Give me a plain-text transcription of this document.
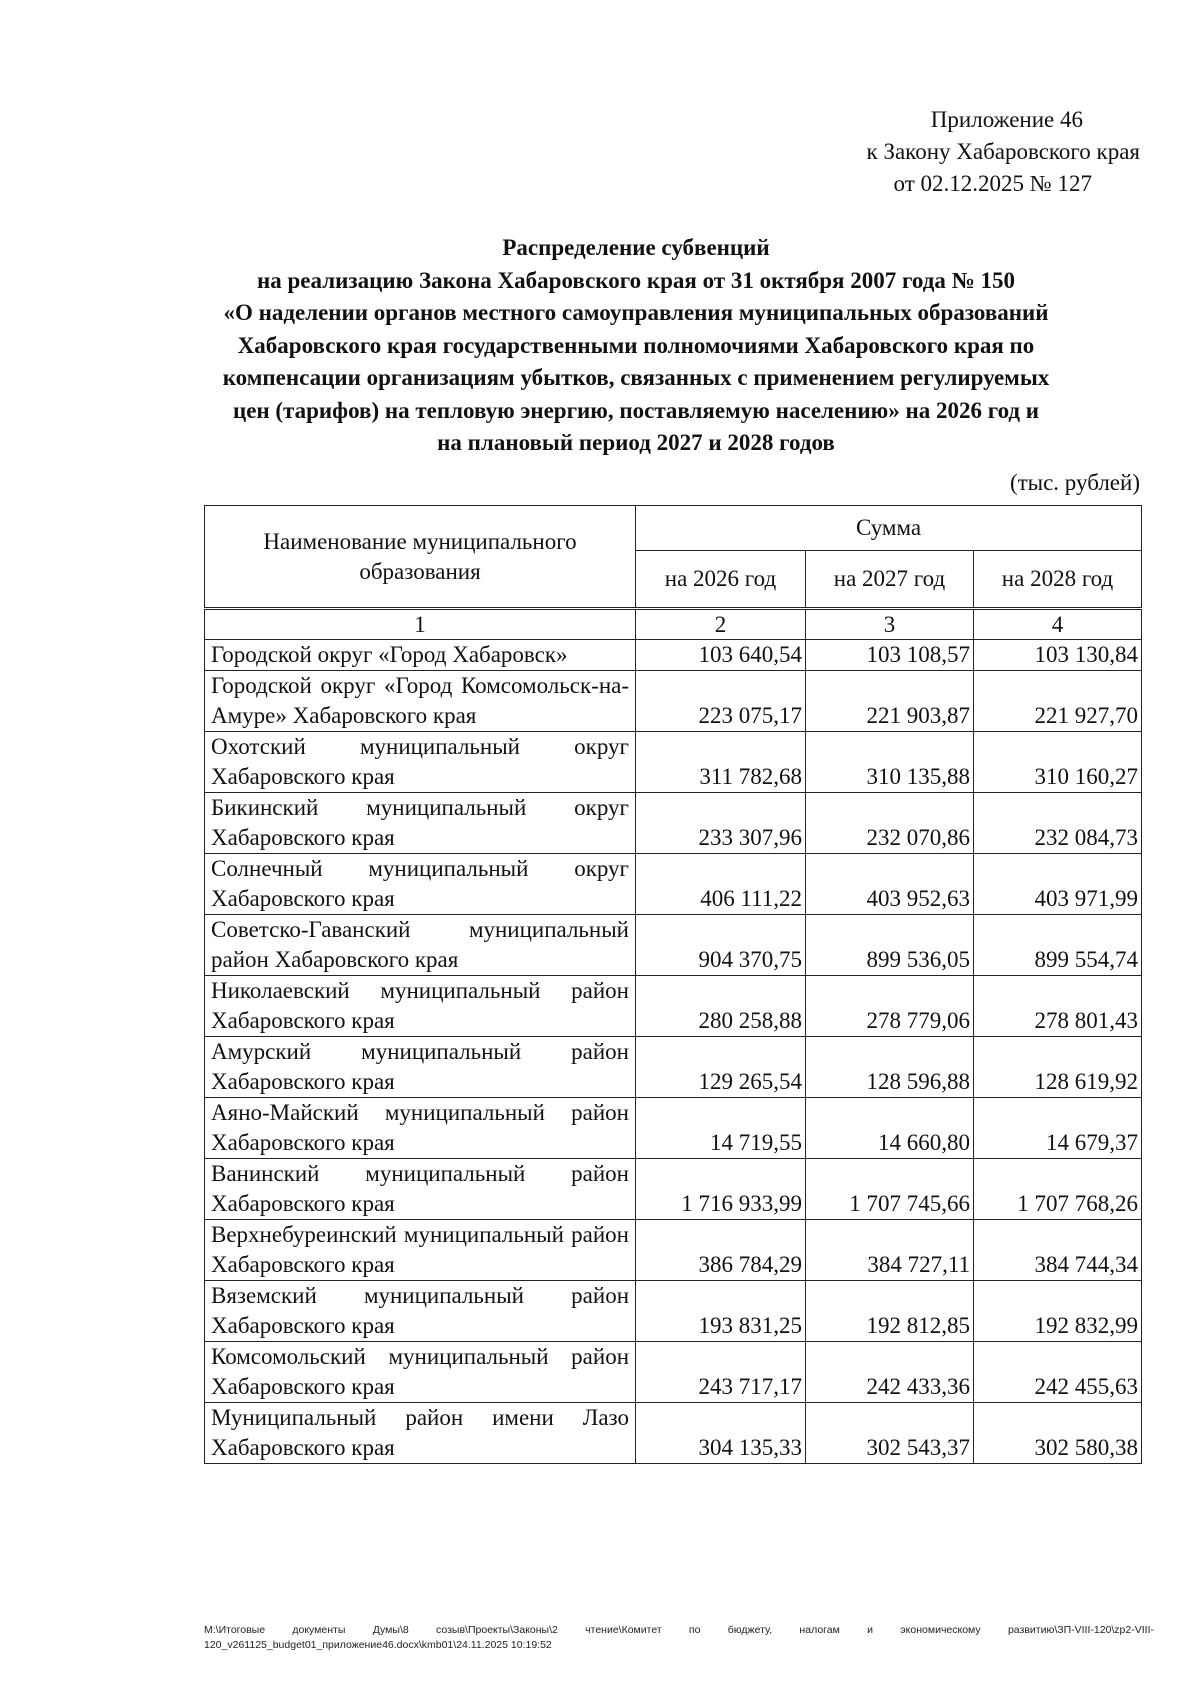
Приложение 46
к Закону Хабаровского края
от 02.12.2025 № 127
Распределение субвенций
на реализацию Закона Хабаровского края от 31 октября 2007 года № 150
«О наделении органов местного самоуправления муниципальных образований
Хабаровского края государственными полномочиями Хабаровского края по
компенсации организациям убытков, связанных с применением регулируемых
цен (тарифов) на тепловую энергию, поставляемую населению» на 2026 год и
на плановый период 2027 и 2028 годов
(тыс. рублей)
Наименование муниципального образования	Сумма		
	на 2026 год	на 2027 год	на 2028 год
1	2	3	4
Городской округ «Город Хабаровск»	103 640,54	103 108,57	103 130,84
Городской округ «Город Комсомольск-на-Амуре» Хабаровского края	223 075,17	221 903,87	221 927,70
Охотский муниципальный округ Хабаровского края	311 782,68	310 135,88	310 160,27
Бикинский муниципальный округ Хабаровского края	233 307,96	232 070,86	232 084,73
Солнечный муниципальный округ Хабаровского края	406 111,22	403 952,63	403 971,99
Советско-Гаванский муниципальный район Хабаровского края	904 370,75	899 536,05	899 554,74
Николаевский муниципальный район Хабаровского края	280 258,88	278 779,06	278 801,43
Амурский муниципальный район Хабаровского края	129 265,54	128 596,88	128 619,92
Аяно-Майский муниципальный район Хабаровского края	14 719,55	14 660,80	14 679,37
Ванинский муниципальный район Хабаровского края	1 716 933,99	1 707 745,66	1 707 768,26
Верхнебуреинский муниципальный район Хабаровского края	386 784,29	384 727,11	384 744,34
Вяземский муниципальный район Хабаровского края	193 831,25	192 812,85	192 832,99
Комсомольский муниципальный район Хабаровского края	243 717,17	242 433,36	242 455,63
Муниципальный район имени Лазо Хабаровского края	304 135,33	302 543,37	302 580,38
M:\Итоговые документы Думы\8 созыв\Проекты\Законы\2 чтение\Комитет по бюджету, налогам и экономическому развитию\ЗП-VIII-120\zp2-VIII-120_v261125_budget01_приложение46.docx\kmb01\24.11.2025 10:19:52
